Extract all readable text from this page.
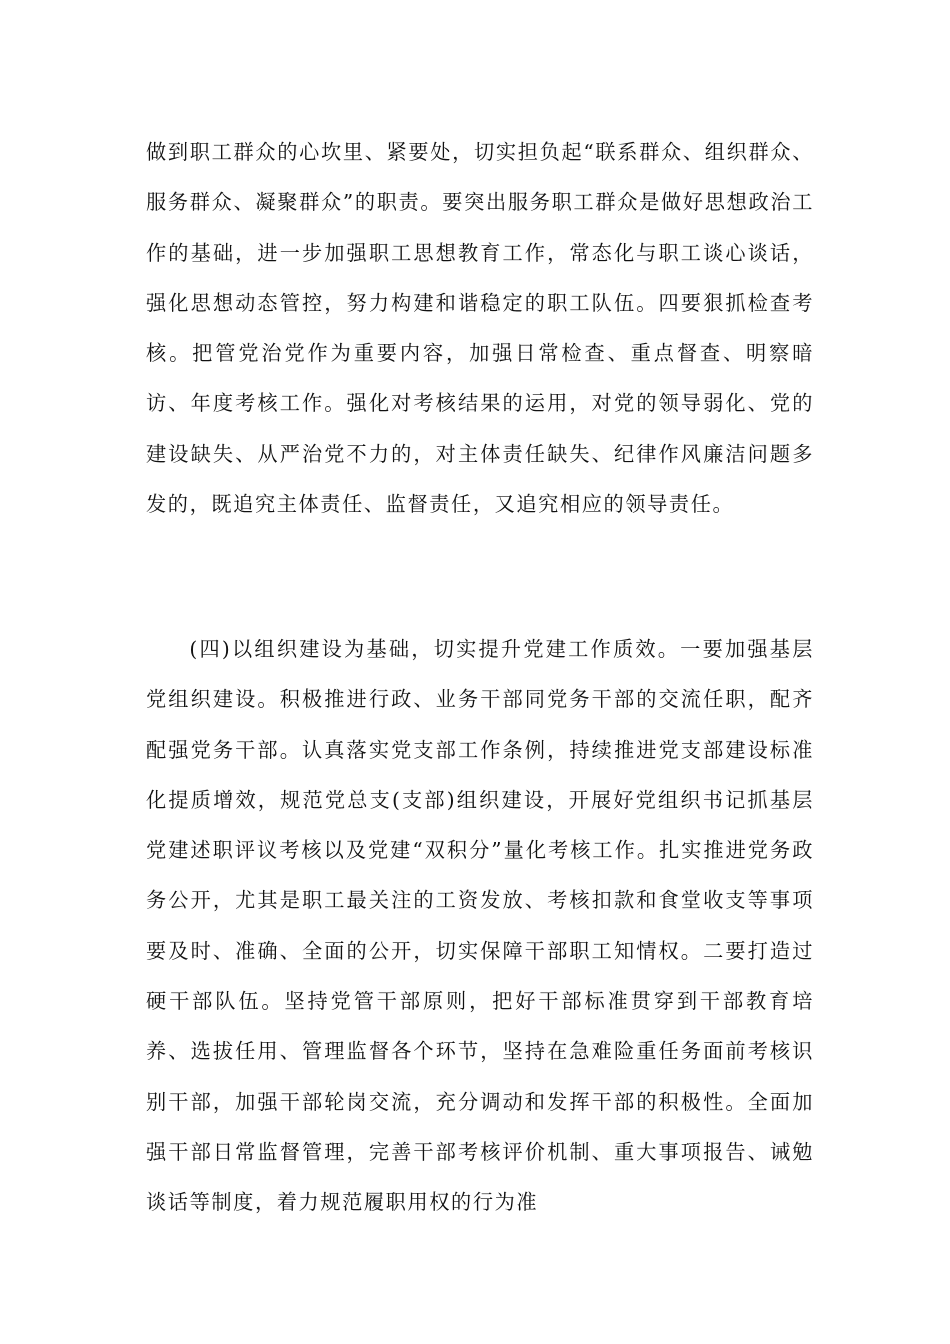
做到职工群众的心坎里、紧要处，切实担负起“联系群众、组织群众、服务群众、凝聚群众”的职责。要突出服务职工群众是做好思想政治工作的基础，进一步加强职工思想教育工作，常态化与职工谈心谈话，强化思想动态管控，努力构建和谐稳定的职工队伍。四要狠抓检查考核。把管党治党作为重要内容，加强日常检查、重点督查、明察暗访、年度考核工作。强化对考核结果的运用，对党的领导弱化、党的建设缺失、从严治党不力的，对主体责任缺失、纪律作风廉洁问题多发的，既追究主体责任、监督责任，又追究相应的领导责任。

(四)以组织建设为基础，切实提升党建工作质效。一要加强基层党组织建设。积极推进行政、业务干部同党务干部的交流任职，配齐配强党务干部。认真落实党支部工作条例，持续推进党支部建设标准化提质增效，规范党总支(支部)组织建设，开展好党组织书记抓基层党建述职评议考核以及党建“双积分”量化考核工作。扎实推进党务政务公开，尤其是职工最关注的工资发放、考核扣款和食堂收支等事项要及时、准确、全面的公开，切实保障干部职工知情权。二要打造过硬干部队伍。坚持党管干部原则，把好干部标准贯穿到干部教育培养、选拔任用、管理监督各个环节，坚持在急难险重任务面前考核识别干部，加强干部轮岗交流，充分调动和发挥干部的积极性。全面加强干部日常监督管理，完善干部考核评价机制、重大事项报告、诫勉谈话等制度，着力规范履职用权的行为准
